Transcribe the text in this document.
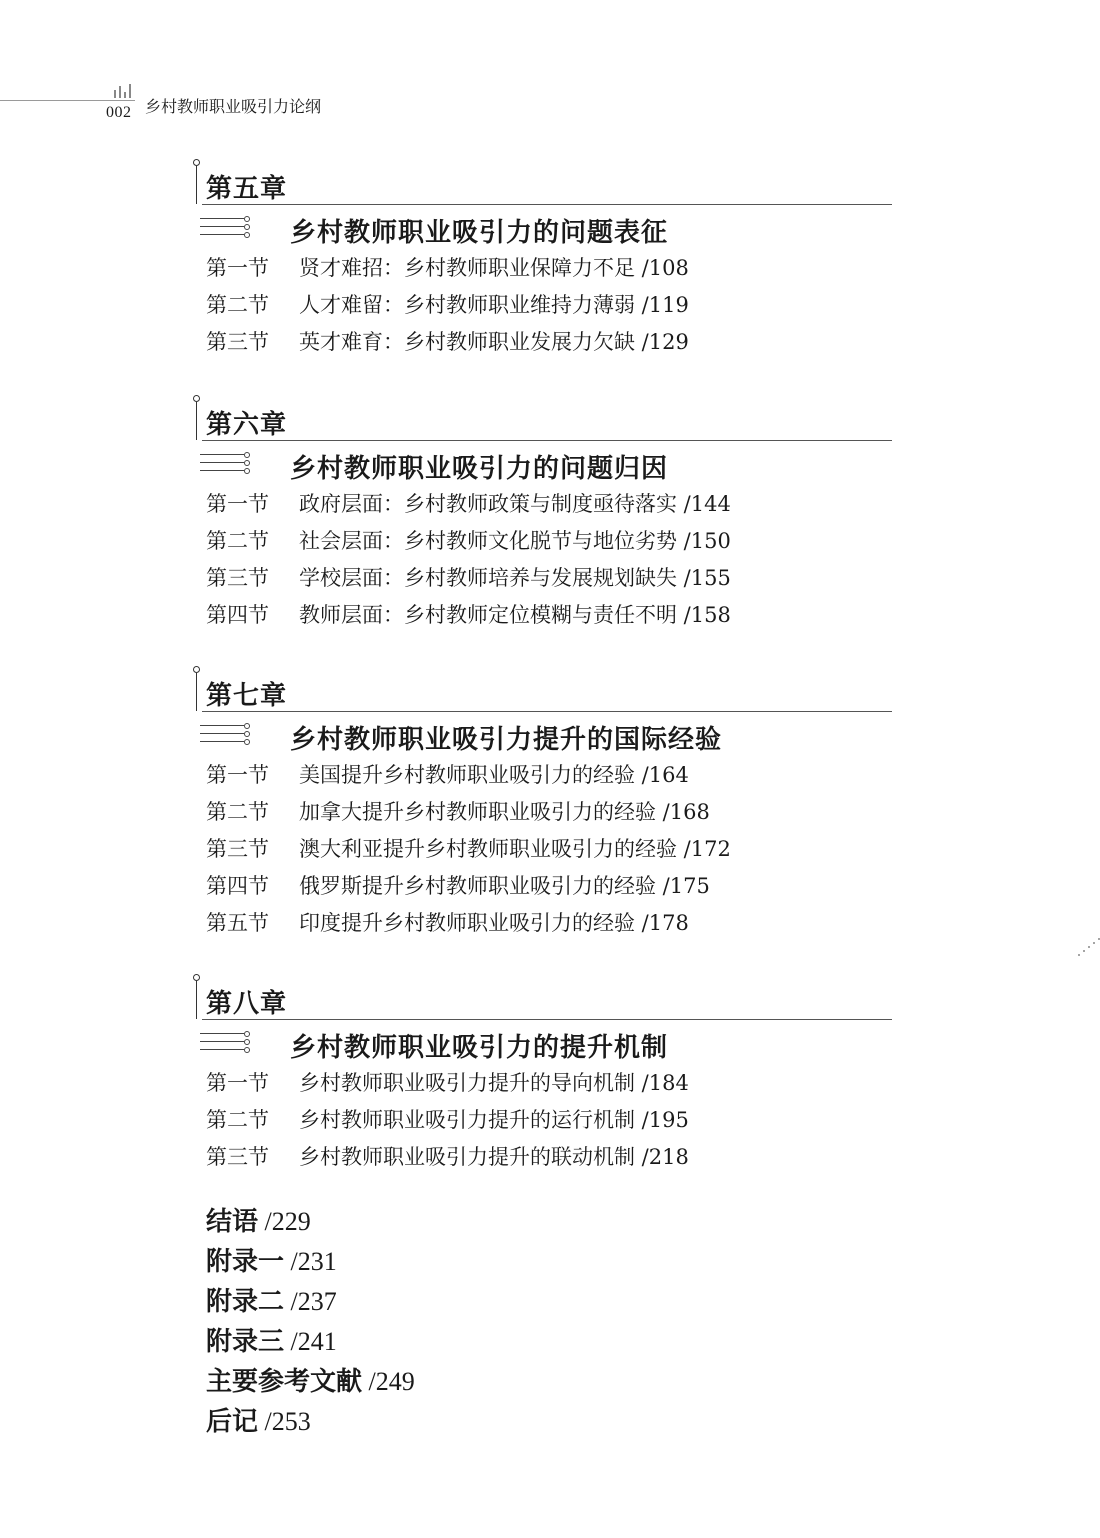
002 乡村教师职业吸引力论纲
第五章
乡村教师职业吸引力的问题表征
第一节	贤才难招：乡村教师职业保障力不足 /108
第二节	人才难留：乡村教师职业维持力薄弱 /119
第三节	英才难育：乡村教师职业发展力欠缺 /129
第六章
乡村教师职业吸引力的问题归因
第一节	政府层面：乡村教师政策与制度亟待落实 /144
第二节	社会层面：乡村教师文化脱节与地位劣势 /150
第三节	学校层面：乡村教师培养与发展规划缺失 /155
第四节	教师层面：乡村教师定位模糊与责任不明 /158
第七章
乡村教师职业吸引力提升的国际经验
第一节	美国提升乡村教师职业吸引力的经验 /164
第二节	加拿大提升乡村教师职业吸引力的经验 /168
第三节	澳大利亚提升乡村教师职业吸引力的经验 /172
第四节	俄罗斯提升乡村教师职业吸引力的经验 /175
第五节	印度提升乡村教师职业吸引力的经验 /178
第八章
乡村教师职业吸引力的提升机制
第一节	乡村教师职业吸引力提升的导向机制 /184
第二节	乡村教师职业吸引力提升的运行机制 /195
第三节	乡村教师职业吸引力提升的联动机制 /218
结语 /229
附录一 /231
附录二 /237
附录三 /241
主要参考文献 /249
后记 /253
